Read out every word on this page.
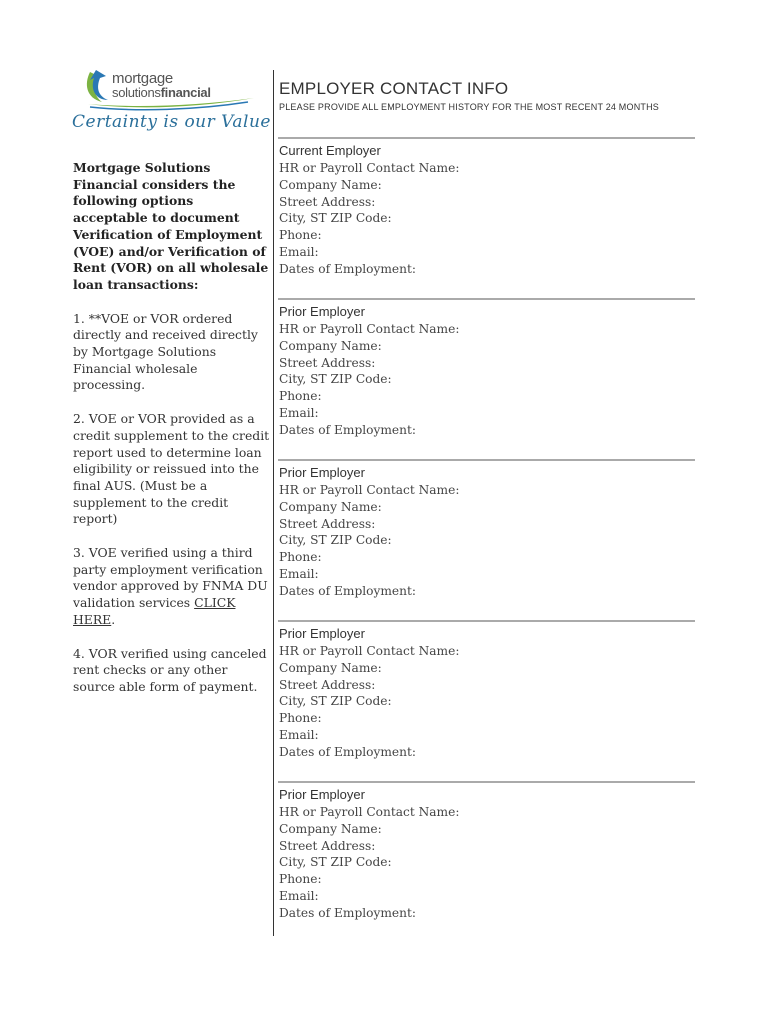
mortgage
solutionsfinancial
Certainty is our Value

Mortgage Solutions Financial considers the following options acceptable to document Verification of Employment (VOE) and/or Verification of Rent (VOR) on all wholesale loan transactions:

1. **VOE or VOR ordered directly and received directly by Mortgage Solutions Financial wholesale processing.

2. VOE or VOR provided as a credit supplement to the credit report used to determine loan eligibility or reissued into the final AUS. (Must be a supplement to the credit report)

3. VOE verified using a third party employment verification vendor approved by FNMA DU validation services CLICK HERE.

4. VOR verified using canceled rent checks or any other source able form of payment.

EMPLOYER CONTACT INFO
PLEASE PROVIDE ALL EMPLOYMENT HISTORY FOR THE MOST RECENT 24 MONTHS
Current Employer
HR or Payroll Contact Name:
Company Name:
Street Address:
City, ST ZIP Code:
Phone:
Email:
Dates of Employment:
Prior Employer
HR or Payroll Contact Name:
Company Name:
Street Address:
City, ST ZIP Code:
Phone:
Email:
Dates of Employment:
Prior Employer
HR or Payroll Contact Name:
Company Name:
Street Address:
City, ST ZIP Code:
Phone:
Email:
Dates of Employment:
Prior Employer
HR or Payroll Contact Name:
Company Name:
Street Address:
City, ST ZIP Code:
Phone:
Email:
Dates of Employment:
Prior Employer
HR or Payroll Contact Name:
Company Name:
Street Address:
City, ST ZIP Code:
Phone:
Email:
Dates of Employment:
